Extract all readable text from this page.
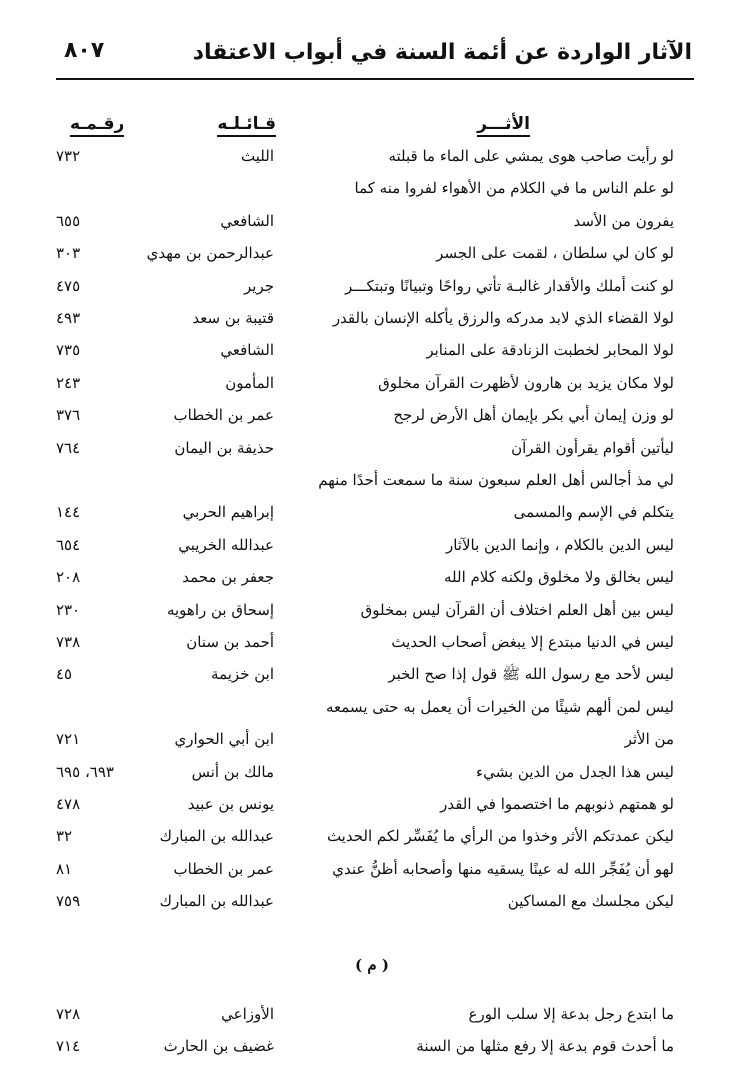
الآثار الواردة عن أئمة السنة في أبواب الاعتقاد
٨٠٧
الأثـــر
قـائـلـه
رقـمـه
لو رأيت صاحب هوى يمشي على الماء ما قبلته
الليث
٧٣٢
لو علم الناس ما في الكلام من الأهواء لفروا منه كما
يفرون من الأسد
الشافعي
٦٥٥
لو كان لي سلطان ، لقمت على الجسر
عبدالرحمن بن مهدي
٣٠٣
لو كنت أملك والأقدار غالبـة تأتي رواحًا وتبيانًا وتبتكـــر
جرير
٤٧٥
لولا القضاء الذي لابد مدركه والرزق يأكله الإنسان بالقدر
قتيبة بن سعد
٤٩٣
لولا المحابر لخطبت الزنادقة على المنابر
الشافعي
٧٣٥
لولا مكان يزيد بن هارون لأظهرت القرآن مخلوق
المأمون
٢٤٣
لو وزن إيمان أبي بكر بإيمان أهل الأرض لرجح
عمر بن الخطاب
٣٧٦
ليأتين أقوام يقرأون القرآن
حذيفة بن اليمان
٧٦٤
لي مذ أجالس أهل العلم سبعون سنة ما سمعت أحدًا منهم
يتكلم في الإسم والمسمى
إبراهيم الحربي
١٤٤
ليس الدين بالكلام ، وإنما الدين بالآثار
عبدالله الخريبي
٦٥٤
ليس بخالق ولا مخلوق ولكنه كلام الله
جعفر بن محمد
٢٠٨
ليس بين أهل العلم اختلاف أن القرآن ليس بمخلوق
إسحاق بن راهويه
٢٣٠
ليس في الدنيا مبتدع إلا يبغض أصحاب الحديث
أحمد بن سنان
٧٣٨
ليس لأحد مع رسول الله ﷺ قول إذا صح الخبر
ابن خزيمة
٤٥
ليس لمن ألهم شيئًا من الخيرات أن يعمل به حتى يسمعه
من الأثر
ابن أبي الحواري
٧٢١
ليس هذا الجدل من الدين بشيء
مالك بن أنس
٦٩٣، ٦٩٥
لو همتهم ذنوبهم ما اختصموا في القدر
يونس بن عبيد
٤٧٨
ليكن عمدتكم الأثر وخذوا من الرأي ما يُفَسِّر لكم الحديث
عبدالله بن المبارك
٣٢
لهو أن يُفَجِّر الله له عينًا يسقيه منها وأصحابه أظنُّ عندي
عمر بن الخطاب
٨١
ليكن مجلسك مع المساكين
عبدالله بن المبارك
٧٥٩
( م )
ما ابتدع رجل بدعة إلا سلب الورع
الأوزاعي
٧٢٨
ما أحدث قوم بدعة إلا رفع مثلها من السنة
غضيف بن الحارث
٧١٤
